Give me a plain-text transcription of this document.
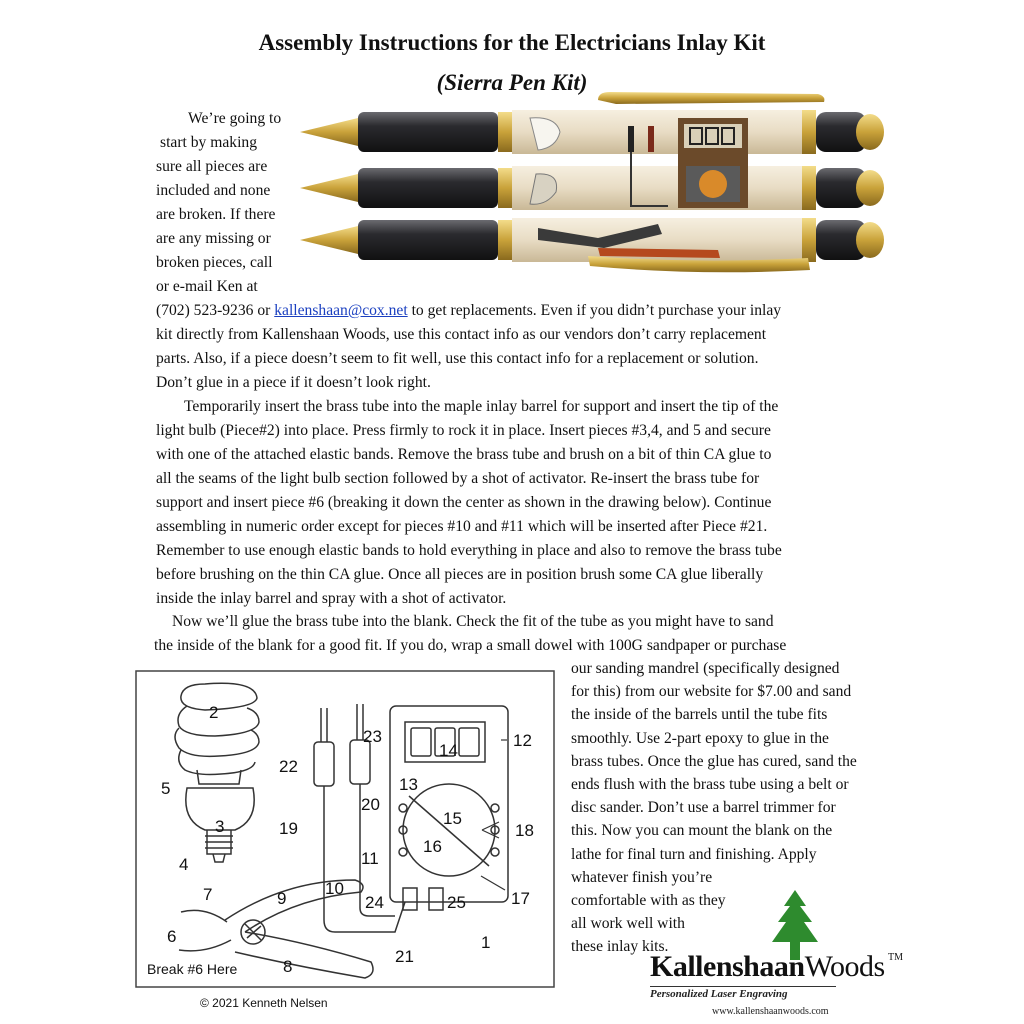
Assembly Instructions for the Electricians Inlay Kit
(Sierra Pen Kit)
We’re going to
start by making
sure all pieces are
included and none
are broken. If there
are any missing or
broken pieces, call
or e-mail Ken at
(702) 523-9236 or kallenshaan@cox.net to get replacements. Even if you didn’t purchase your inlay
kit directly from Kallenshaan Woods, use this contact info as our vendors don’t carry replacement
parts. Also, if a piece doesn’t seem to fit well, use this contact info for a replacement or solution.
Don’t glue in a piece if it doesn’t look right.
Temporarily insert the brass tube into the maple inlay barrel for support and insert the tip of the
light bulb (Piece#2) into place. Press firmly to rock it in place. Insert pieces #3,4, and 5 and secure
with one of the attached elastic bands. Remove the brass tube and brush on a bit of thin CA glue to
all the seams of the light bulb section followed by a shot of activator. Re-insert the brass tube for
support and insert piece #6 (breaking it down the center as shown in the drawing below). Continue
assembling in numeric order except for pieces #10 and #11 which will be inserted after Piece #21.
Remember to use enough elastic bands to hold everything in place and also to remove the brass tube
before brushing on the thin CA glue. Once all pieces are in position brush some CA glue liberally
inside the inlay barrel and spray with a shot of activator.
Now we’ll glue the brass tube into the blank. Check the fit of the tube as you might have to sand
the inside of the blank for a good fit. If you do, wrap a small dowel with 100G sandpaper or purchase
our sanding mandrel (specifically designed
for this) from our website for $7.00 and sand
the inside of the barrels until the tube fits
smoothly. Use 2-part epoxy to glue in the
brass tubes. Once the glue has cured, sand the
ends flush with the brass tube using a belt or
disc sander. Don’t use a barrel trimmer for
this. Now you can mount the blank on the
lathe for final turn and finishing. Apply
whatever finish you’re
comfortable with as they
all work well with
these inlay kits.
2
3
4
5
6
7
8
9
10
11
12
13
14
15
16
17
18
19
20
21
22
23
24	25
1
Break #6 Here
© 2021 Kenneth Nelsen
KallenshaanWoods TM
Personalized Laser Engraving
www.kallenshaanwoods.com
